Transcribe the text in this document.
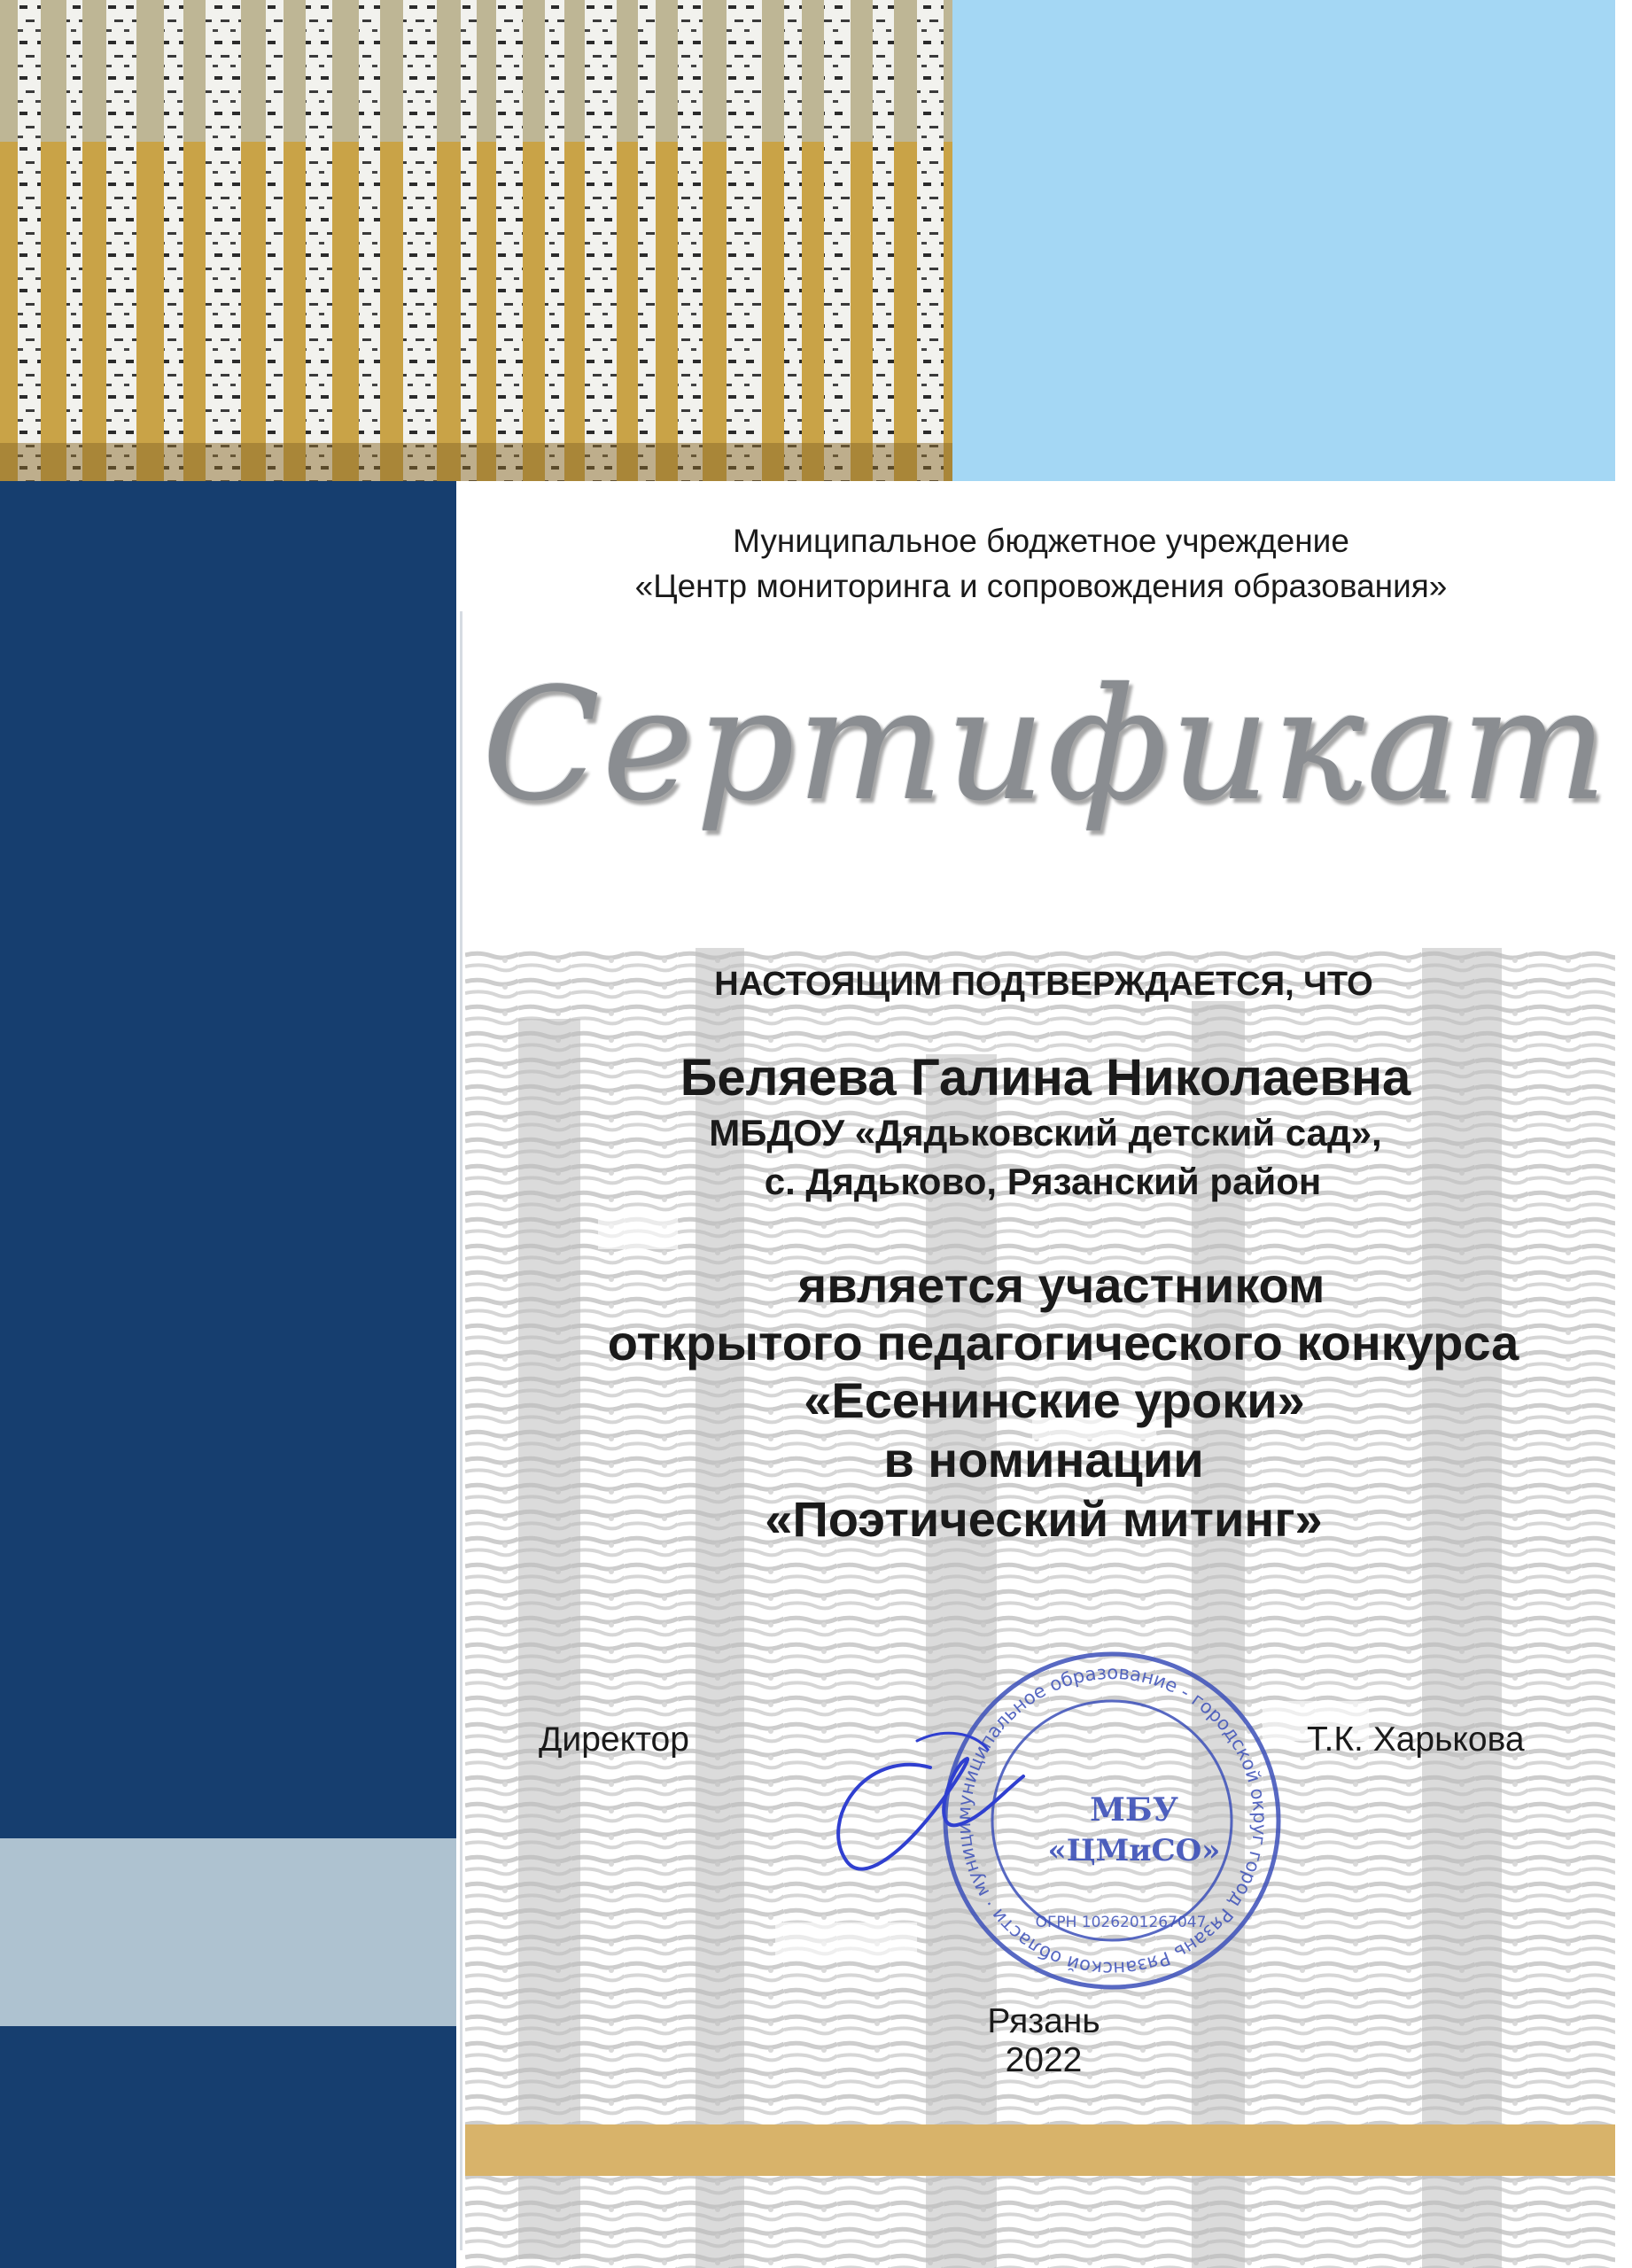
Муниципальное бюджетное учреждение
«Центр мониторинга и сопровождения образования»
Сертификат
НАСТОЯЩИМ ПОДТВЕРЖДАЕТСЯ, ЧТО
Беляева Галина Николаевна
МБДОУ «Дядьковский детский сад»,
с. Дядьково, Рязанский район
является участником
открытого педагогического конкурса
«Есенинские уроки»
в номинации
«Поэтический митинг»
Директор	Т.К. Харькова
муниципальное образование - городской округ город Рязань Рязанской области · муници	МБУ
«ЦМиСО»
ОГРН 1026201267047
Рязань
2022
